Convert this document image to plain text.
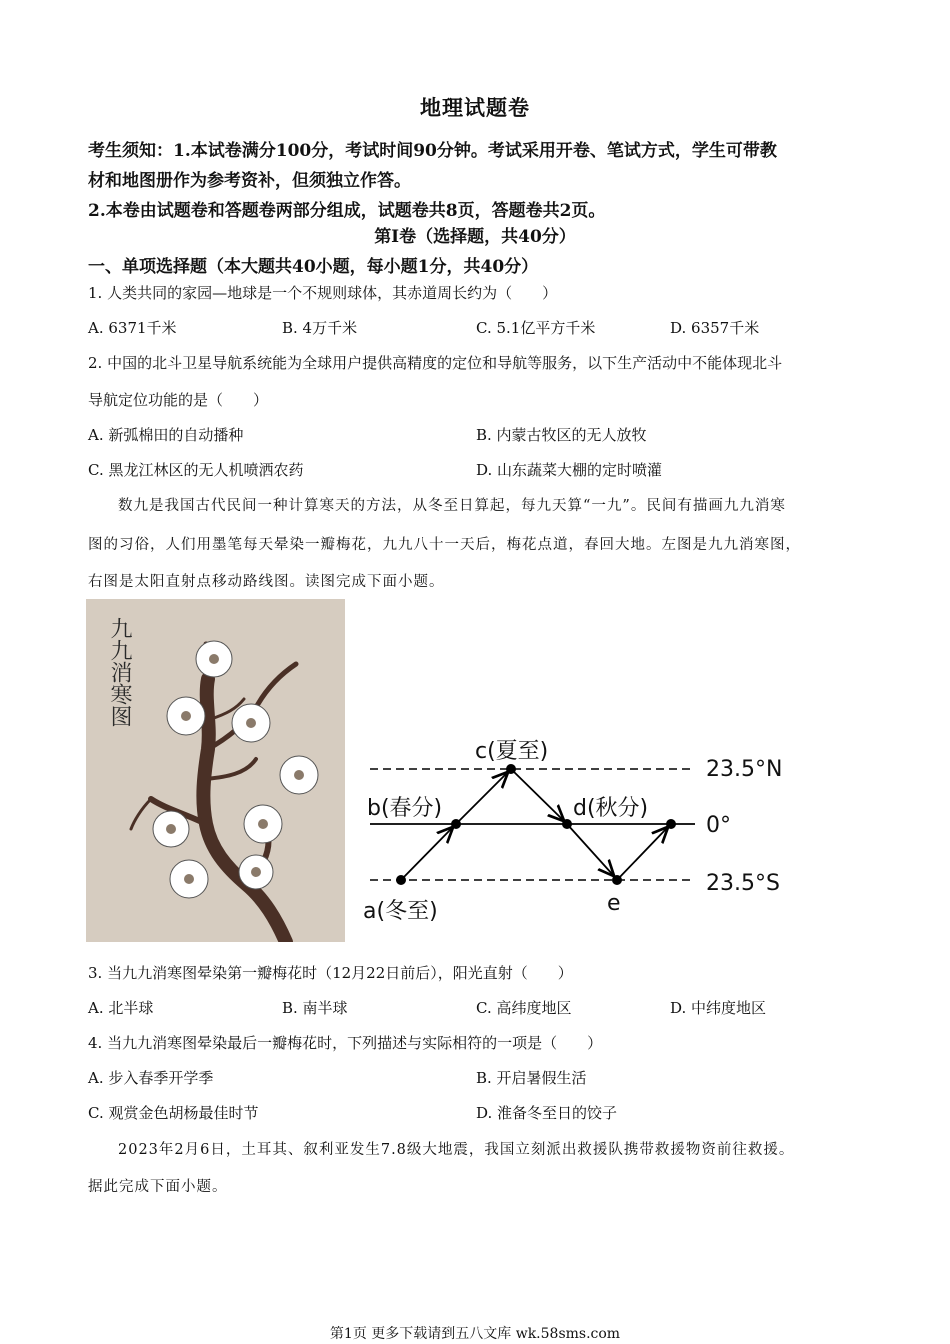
地理试题卷
考生须知：1.本试卷满分100分，考试时间90分钟。考试采用开卷、笔试方式，学生可带教
材和地图册作为参考资补，但须独立作答。
2.本卷由试题卷和答题卷两部分组成，试题卷共8页，答题卷共2页。
第Ⅰ卷（选择题，共40分）
一、单项选择题（本大题共40小题，每小题1分，共40分）
1. 人类共同的家园—地球是一个不规则球体，其赤道周长约为（　　）
A. 6371千米	B. 4万千米	C. 5.1亿平方千米	D. 6357千米
2. 中国的北斗卫星导航系统能为全球用户提供高精度的定位和导航等服务，以下生产活动中不能体现北斗
导航定位功能的是（　　）
A. 新弧棉田的自动播种	B. 内蒙古牧区的无人放牧
C. 黑龙江林区的无人机喷洒农药	D. 山东蔬菜大棚的定时喷灌
数九是我国古代民间一种计算寒天的方法，从冬至日算起，每九天算“一九”。民间有描画九九消寒
图的习俗，人们用墨笔每天晕染一瓣梅花，九九八十一天后，梅花点道，春回大地。左图是九九消寒图，
右图是太阳直射点移动路线图。读图完成下面小题。
九九消寒图
c(夏至)
b(春分)	d(秋分)
a(冬至)	e
23.5°N
0°
23.5°S
3. 当九九消寒图晕染第一瓣梅花时（12月22日前后），阳光直射（　　）
A. 北半球	B. 南半球	C. 高纬度地区	D. 中纬度地区
4. 当九九消寒图晕染最后一瓣梅花时，下列描述与实际相符的一项是（　　）
A. 步入春季开学季	B. 开启暑假生活
C. 观赏金色胡杨最佳时节	D. 淮备冬至日的饺子
2023年2月6日，土耳其、叙利亚发生7.8级大地震，我国立刻派出救援队携带救援物资前往救援。
据此完成下面小题。
第1页 更多下载请到五八文库 wk.58sms.com
